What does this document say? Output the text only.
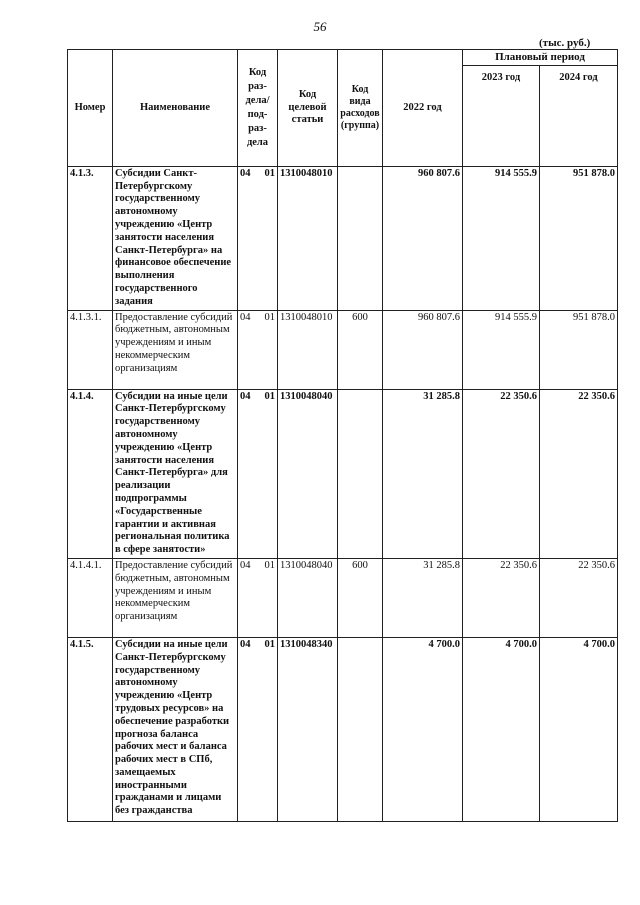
56
(тыс. руб.)
Номер	Наименование	Код раз-дела/ под-раз-дела	Код целевой статьи	Код вида расходов (группа)	2022 год	Плановый период	
						2023 год	2024 год
4.1.3.	Субсидии Санкт-Петербургскому государственному автономному учреждению «Центр занятости населения Санкт-Петербурга» на финансовое обеспечение выполнения государственного задания	04 01	1310048010		960 807.6	914 555.9	951 878.0
4.1.3.1.	Предоставление субсидий бюджетным, автономным учреждениям и иным некоммерческим организациям	04 01	1310048010	600	960 807.6	914 555.9	951 878.0
4.1.4.	Субсидии на иные цели Санкт-Петербургскому государственному автономному учреждению «Центр занятости населения Санкт-Петербурга» для реализации подпрограммы «Государственные гарантии и активная региональная политика в сфере занятости»	04 01	1310048040		31 285.8	22 350.6	22 350.6
4.1.4.1.	Предоставление субсидий бюджетным, автономным учреждениям и иным некоммерческим организациям	04 01	1310048040	600	31 285.8	22 350.6	22 350.6
4.1.5.	Субсидии на иные цели Санкт-Петербургскому государственному автономному учреждению «Центр трудовых ресурсов» на обеспечение разработки прогноза баланса рабочих мест и баланса рабочих мест в СПб, замещаемых иностранными гражданами и лицами без гражданства	04 01	1310048340		4 700.0	4 700.0	4 700.0
